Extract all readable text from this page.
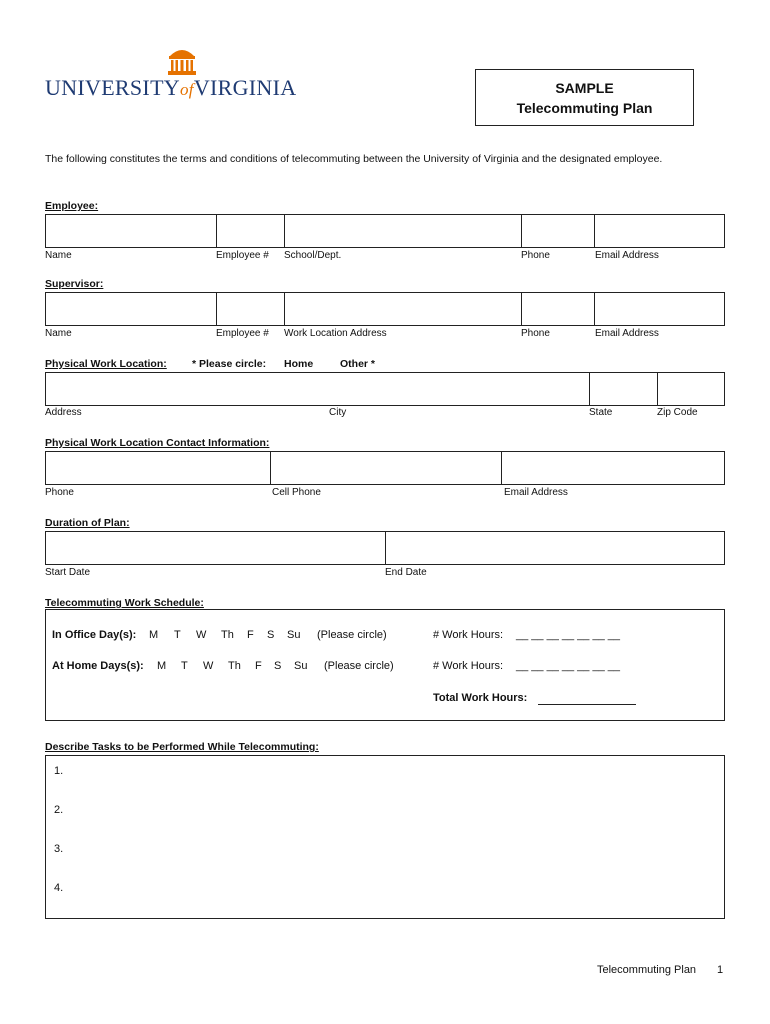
UNIVERSITYofVIRGINIA	SAMPLE
Telecommuting Plan
The following constitutes the terms and conditions of telecommuting between the University of Virginia and the designated employee.
Employee:
Name	Employee # School/Dept.	Phone	Email Address
Supervisor:
Name	Employee # Work Location Address	Phone	Email Address
Physical Work Location: * Please circle: Home	Other *
Address	City	State	Zip Code
Physical Work Location Contact Information:
Phone	Cell Phone	Email Address
Duration of Plan:
Start Date	End Date
Telecommuting Work Schedule:
In Office Day(s): M T W Th F S Su (Please circle)	# Work Hours: __ __ __ __ __ __ __
At Home Days(s): M T W Th F S Su (Please circle)	# Work Hours: __ __ __ __ __ __ __
Total Work Hours:
Describe Tasks to be Performed While Telecommuting:
1.
2.
3.
4.
Telecommuting Plan 1
